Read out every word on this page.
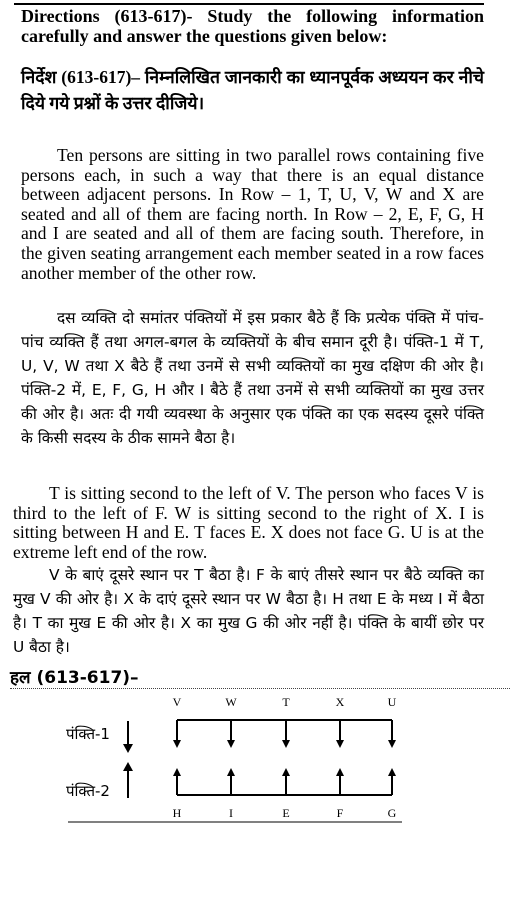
Directions (613-617)- Study the following information carefully and answer the questions given below:

निर्देश (613-617)– निम्नलिखित जानकारी का ध्यानपूर्वक अध्ययन कर नीचे दिये गये प्रश्नों के उत्तर दीजिये।

Ten persons are sitting in two parallel rows containing five persons each, in such a way that there is an equal distance between adjacent persons. In Row – 1, T, U, V, W and X are seated and all of them are facing north. In Row – 2, E, F, G, H and I are seated and all of them are facing south. Therefore, in the given seating arrangement each member seated in a row faces another member of the other row.

दस व्यक्ति दो समांतर पंक्तियों में इस प्रकार बैठे हैं कि प्रत्येक पंक्ति में पांच-पांच व्यक्ति हैं तथा अगल-बगल के व्यक्तियों के बीच समान दूरी है। पंक्ति-1 में T, U, V, W तथा X बैठे हैं तथा उनमें से सभी व्यक्तियों का मुख दक्षिण की ओर है। पंक्ति-2 में, E, F, G, H और I बैठे हैं तथा उनमें से सभी व्यक्तियों का मुख उत्तर की ओर है। अतः दी गयी व्यवस्था के अनुसार एक पंक्ति का एक सदस्य दूसरे पंक्ति के किसी सदस्य के ठीक सामने बैठा है।

T is sitting second to the left of V. The person who faces V is third to the left of F. W is sitting second to the right of X. I is sitting between H and E. T faces E. X does not face G. U is at the extreme left end of the row.

V के बाएं दूसरे स्थान पर T बैठा है। F के बाएं तीसरे स्थान पर बैठे व्यक्ति का मुख V की ओर है। X के दाएं दूसरे स्थान पर W बैठा है। H तथा E के मध्य I में बैठा है। T का मुख E की ओर है। X का मुख G की ओर नहीं है। पंक्ति के बायीं छोर पर U बैठा है।

हल (613-617)–
V	W	T	X	U
H	I	E	F	G
पंक्ति-1
पंक्ति-2
